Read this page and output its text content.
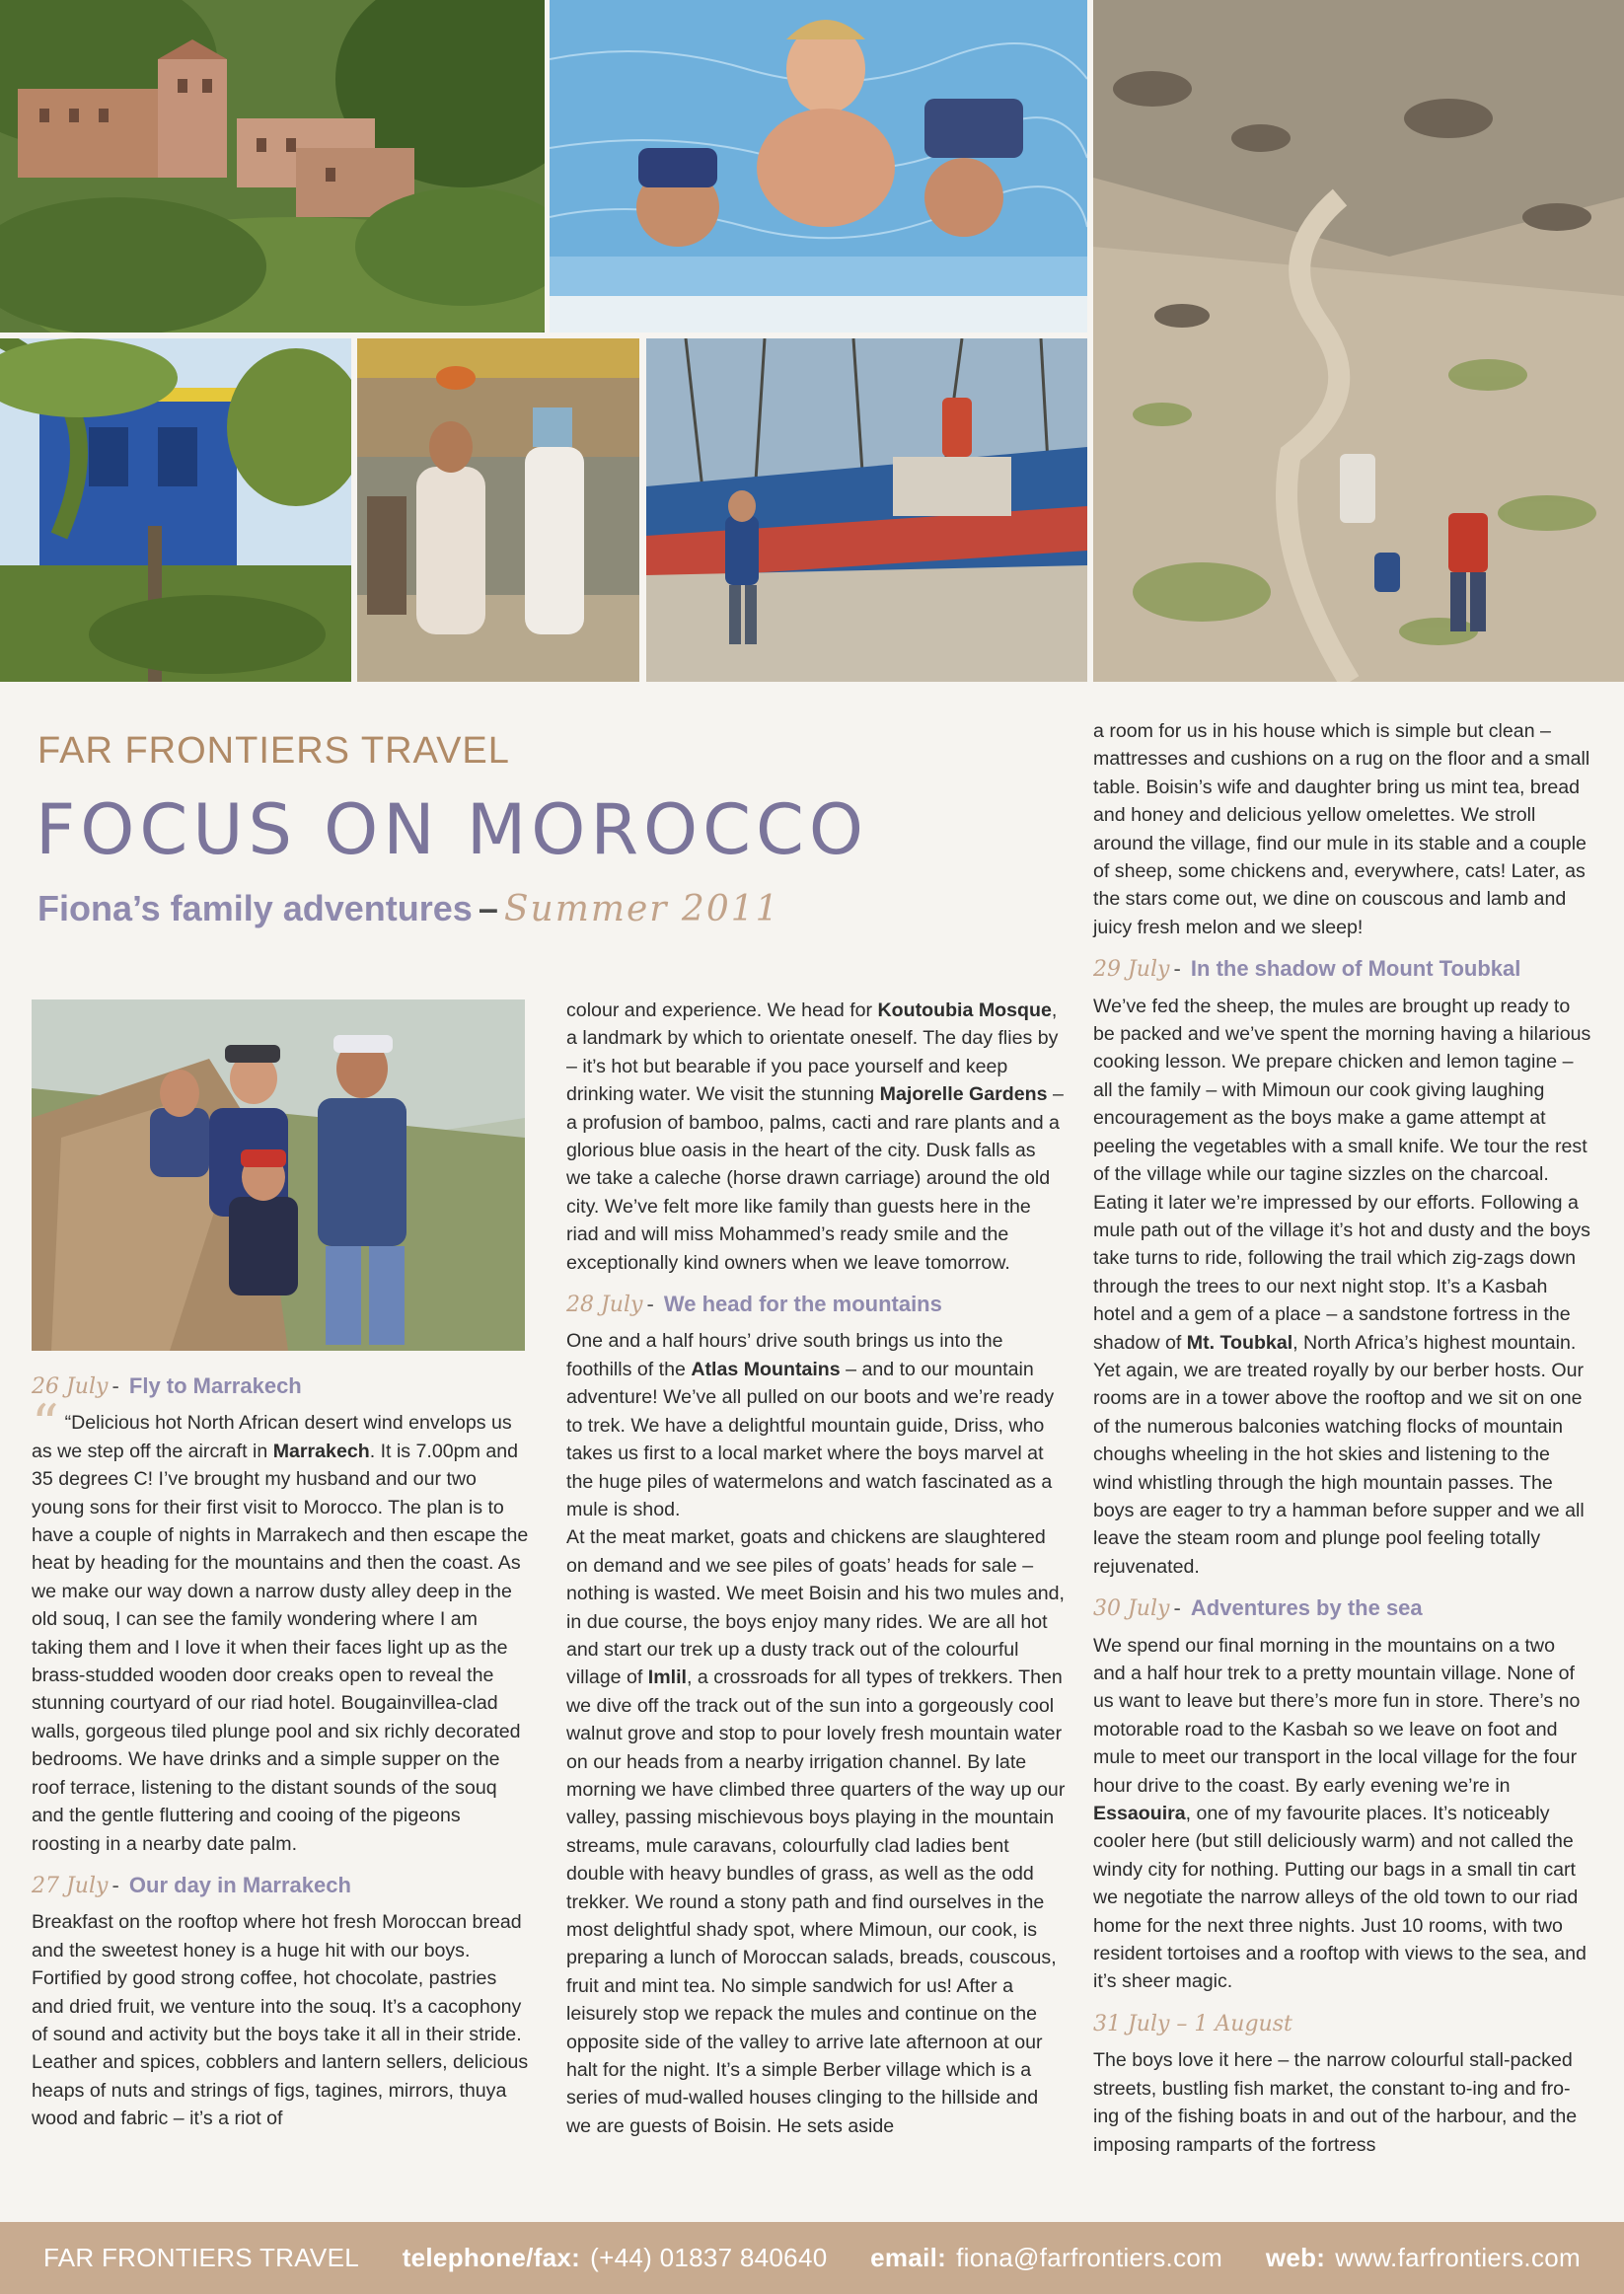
FAR FRONTIERS TRAVEL
FOCUS ON MOROCCO
Fiona’s family adventures – Summer 2011
26 July - Fly to Marrakech

“ “Delicious hot North African desert wind envelops us as we step off the aircraft in Marrakech. It is 7.00pm and 35 degrees C! I’ve brought my husband and our two young sons for their first visit to Morocco. The plan is to have a couple of nights in Marrakech and then escape the heat by heading for the mountains and then the coast. As we make our way down a narrow dusty alley deep in the old souq, I can see the family wondering where I am taking them and I love it when their faces light up as the brass-studded wooden door creaks open to reveal the stunning courtyard of our riad hotel. Bougainvillea-clad walls, gorgeous tiled plunge pool and six richly decorated bedrooms. We have drinks and a simple supper on the roof terrace, listening to the distant sounds of the souq and the gentle fluttering and cooing of the pigeons roosting in a nearby date palm.

27 July - Our day in Marrakech

Breakfast on the rooftop where hot fresh Moroccan bread and the sweetest honey is a huge hit with our boys. Fortified by good strong coffee, hot chocolate, pastries and dried fruit, we venture into the souq. It’s a cacophony of sound and activity but the boys take it all in their stride. Leather and spices, cobblers and lantern sellers, delicious heaps of nuts and strings of figs, tagines, mirrors, thuya wood and fabric – it’s a riot of

colour and experience. We head for Koutoubia Mosque, a landmark by which to orientate oneself. The day flies by – it’s hot but bearable if you pace yourself and keep drinking water. We visit the stunning Majorelle Gardens – a profusion of bamboo, palms, cacti and rare plants and a glorious blue oasis in the heart of the city. Dusk falls as we take a caleche (horse drawn carriage) around the old city. We’ve felt more like family than guests here in the riad and will miss Mohammed’s ready smile and the exceptionally kind owners when we leave tomorrow.

28 July - We head for the mountains

One and a half hours’ drive south brings us into the foothills of the Atlas Mountains – and to our mountain adventure! We’ve all pulled on our boots and we’re ready to trek. We have a delightful mountain guide, Driss, who takes us first to a local market where the boys marvel at the huge piles of watermelons and watch fascinated as a mule is shod.

At the meat market, goats and chickens are slaughtered on demand and we see piles of goats’ heads for sale – nothing is wasted. We meet Boisin and his two mules and, in due course, the boys enjoy many rides. We are all hot and start our trek up a dusty track out of the colourful village of Imlil, a crossroads for all types of trekkers. Then we dive off the track out of the sun into a gorgeously cool walnut grove and stop to pour lovely fresh mountain water on our heads from a nearby irrigation channel. By late morning we have climbed three quarters of the way up our valley, passing mischievous boys playing in the mountain streams, mule caravans, colourfully clad ladies bent double with heavy bundles of grass, as well as the odd trekker. We round a stony path and find ourselves in the most delightful shady spot, where Mimoun, our cook, is preparing a lunch of Moroccan salads, breads, couscous, fruit and mint tea. No simple sandwich for us! After a leisurely stop we repack the mules and continue on the opposite side of the valley to arrive late afternoon at our halt for the night. It’s a simple Berber village which is a series of mud-walled houses clinging to the hillside and we are guests of Boisin. He sets aside

a room for us in his house which is simple but clean – mattresses and cushions on a rug on the floor and a small table. Boisin’s wife and daughter bring us mint tea, bread and honey and delicious yellow omelettes. We stroll around the village, find our mule in its stable and a couple of sheep, some chickens and, everywhere, cats! Later, as the stars come out, we dine on couscous and lamb and juicy fresh melon and we sleep!

29 July - In the shadow of Mount Toubkal

We’ve fed the sheep, the mules are brought up ready to be packed and we’ve spent the morning having a hilarious cooking lesson. We prepare chicken and lemon tagine – all the family – with Mimoun our cook giving laughing encouragement as the boys make a game attempt at peeling the vegetables with a small knife. We tour the rest of the village while our tagine sizzles on the charcoal. Eating it later we’re impressed by our efforts. Following a mule path out of the village it’s hot and dusty and the boys take turns to ride, following the trail which zig-zags down through the trees to our next night stop. It’s a Kasbah hotel and a gem of a place – a sandstone fortress in the shadow of Mt. Toubkal, North Africa’s highest mountain. Yet again, we are treated royally by our berber hosts. Our rooms are in a tower above the rooftop and we sit on one of the numerous balconies watching flocks of mountain choughs wheeling in the hot skies and listening to the wind whistling through the high mountain passes. The boys are eager to try a hamman before supper and we all leave the steam room and plunge pool feeling totally rejuvenated.

30 July - Adventures by the sea

We spend our final morning in the mountains on a two and a half hour trek to a pretty mountain village. None of us want to leave but there’s more fun in store. There’s no motorable road to the Kasbah so we leave on foot and mule to meet our transport in the local village for the four hour drive to the coast. By early evening we’re in Essaouira, one of my favourite places. It’s noticeably cooler here (but still deliciously warm) and not called the windy city for nothing. Putting our bags in a small tin cart we negotiate the narrow alleys of the old town to our riad home for the next three nights. Just 10 rooms, with two resident tortoises and a rooftop with views to the sea, and it’s sheer magic.

31 July – 1 August

The boys love it here – the narrow colourful stall-packed streets, bustling fish market, the constant to-ing and fro-ing of the fishing boats in and out of the harbour, and the imposing ramparts of the fortress

FAR FRONTIERS TRAVEL telephone/fax: (+44) 01837 840640 email: fiona@farfrontiers.com web: www.farfrontiers.com
